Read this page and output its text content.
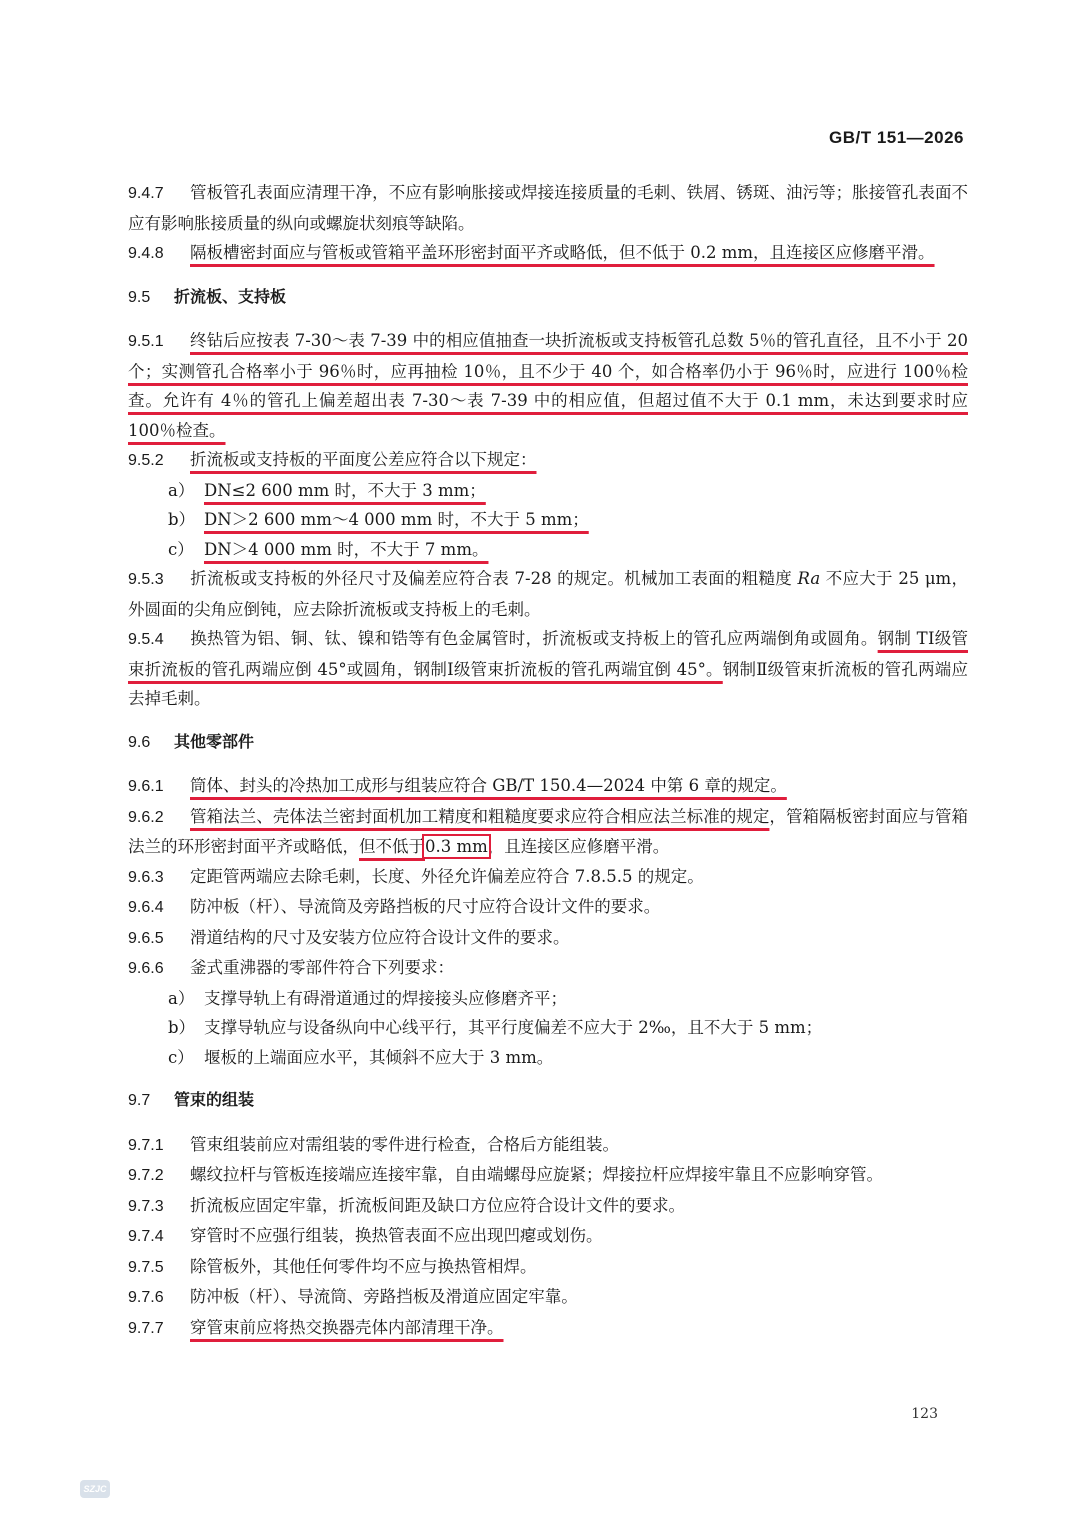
GB/T 151—2026

9.4.7 管板管孔表面应清理干净，不应有影响胀接或焊接连接质量的毛刺、铁屑、锈斑、油污等；胀接管孔表面不应有影响胀接质量的纵向或螺旋状刻痕等缺陷。

9.4.8 隔板槽密封面应与管板或管箱平盖环形密封面平齐或略低，但不低于 0.2 mm，且连接区应修磨平滑。

9.5 折流板、支持板

9.5.1 终钻后应按表 7-30～表 7-39 中的相应值抽查一块折流板或支持板管孔总数 5％的管孔直径，且不小于 20 个；实测管孔合格率小于 96％时，应再抽检 10％，且不少于 40 个，如合格率仍小于 96％时，应进行 100％检查。允许有 4％的管孔上偏差超出表 7-30～表 7-39 中的相应值，但超过值不大于 0.1 mm，未达到要求时应 100％检查。

9.5.2 折流板或支持板的平面度公差应符合以下规定：

a） DN≤2 600 mm 时，不大于 3 mm；
b） DN＞2 600 mm～4 000 mm 时，不大于 5 mm；
c） DN＞4 000 mm 时，不大于 7 mm。

9.5.3 折流板或支持板的外径尺寸及偏差应符合表 7-28 的规定。机械加工表面的粗糙度 Ra 不应大于 25 μm，外圆面的尖角应倒钝，应去除折流板或支持板上的毛刺。

9.5.4 换热管为铝、铜、钛、镍和锆等有色金属管时，折流板或支持板上的管孔应两端倒角或圆角。钢制 TⅠ级管束折流板的管孔两端应倒 45°或圆角，钢制Ⅰ级管束折流板的管孔两端宜倒 45°。钢制Ⅱ级管束折流板的管孔两端应去掉毛刺。

9.6 其他零部件

9.6.1 筒体、封头的冷热加工成形与组装应符合 GB/T 150.4—2024 中第 6 章的规定。

9.6.2 管箱法兰、壳体法兰密封面机加工精度和粗糙度要求应符合相应法兰标准的规定，管箱隔板密封面应与管箱法兰的环形密封面平齐或略低，但不低于0.3 mm，且连接区应修磨平滑。

9.6.3 定距管两端应去除毛刺，长度、外径允许偏差应符合 7.8.5.5 的规定。

9.6.4 防冲板（杆）、导流筒及旁路挡板的尺寸应符合设计文件的要求。

9.6.5 滑道结构的尺寸及安装方位应符合设计文件的要求。

9.6.6 釜式重沸器的零部件符合下列要求：

a） 支撑导轨上有碍滑道通过的焊接接头应修磨齐平；
b） 支撑导轨应与设备纵向中心线平行，其平行度偏差不应大于 2‰，且不大于 5 mm；
c） 堰板的上端面应水平，其倾斜不应大于 3 mm。
9.7 管束的组装

9.7.1 管束组装前应对需组装的零件进行检查，合格后方能组装。

9.7.2 螺纹拉杆与管板连接端应连接牢靠，自由端螺母应旋紧；焊接拉杆应焊接牢靠且不应影响穿管。

9.7.3 折流板应固定牢靠，折流板间距及缺口方位应符合设计文件的要求。

9.7.4 穿管时不应强行组装，换热管表面不应出现凹瘪或划伤。

9.7.5 除管板外，其他任何零件均不应与换热管相焊。

9.7.6 防冲板（杆）、导流筒、旁路挡板及滑道应固定牢靠。

9.7.7 穿管束前应将热交换器壳体内部清理干净。

123
SZJC
